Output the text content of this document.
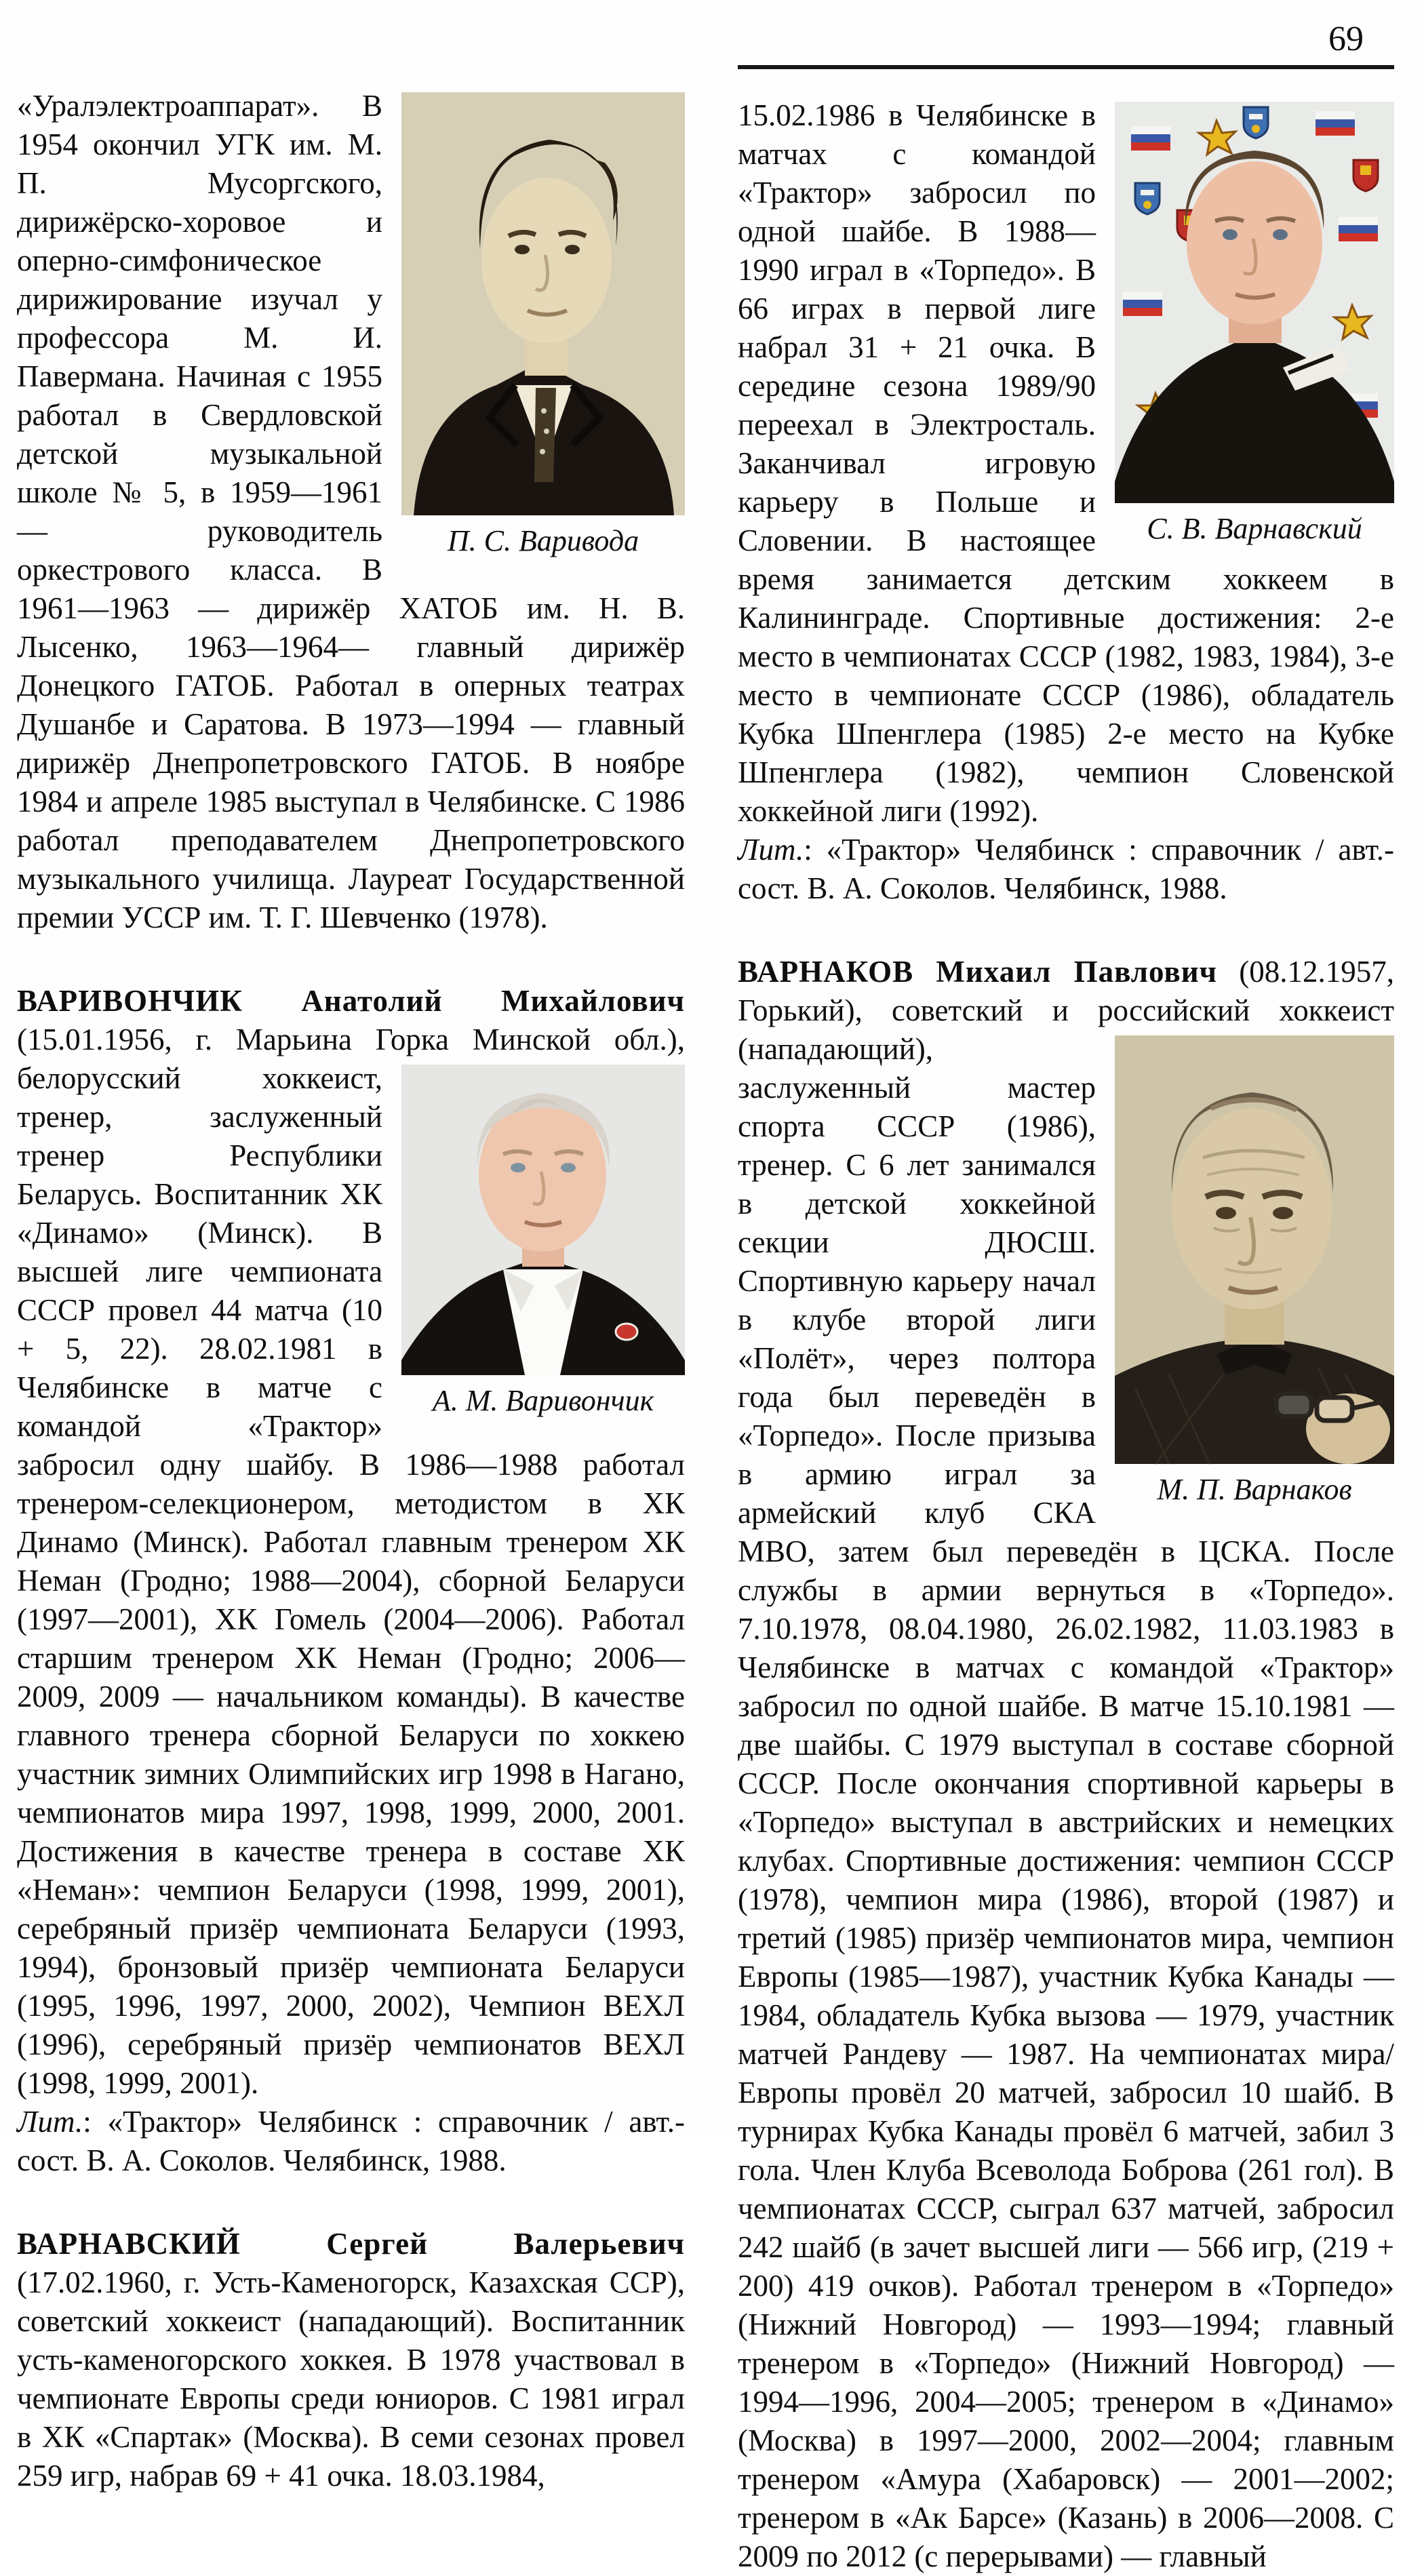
П. С. Варивода
«Уралэлектроаппарат». В 1954 окончил УГК им. М. П. Мусоргского, дирижёрско-хоровое и оперно-симфоническое дирижирование изучал у профессора М. И. Павермана. Начиная с 1955 работал в Свердловской детской музыкальной школе № 5, в 1959—1961 — руководитель оркестрового класса. В 1961—1963 — дирижёр ХАТОБ им. Н. В. Лысенко, 1963—1964— главный дирижёр Донецкого ГАТОБ. Работал в оперных театрах Душанбе и Саратова. В 1973—1994 — главный дирижёр Днепропетровского ГАТОБ. В ноябре 1984 и апреле 1985 выступал в Челябинске. С 1986 работал преподавателем Днепропетровского музыкального училища. Лауреат Государственной премии УССР им. Т. Г. Шевченко (1978).

ВАРИВОНЧИК Анатолий Михайлович (15.01.1956, г. Марьина Горка Минской обл.),
А. М. Варивончик
белорусский хоккеист, тренер, заслуженный тренер Республики Беларусь. Воспитанник ХК «Динамо» (Минск). В высшей лиге чемпионата СССР провел 44 матча (10 + 5, 22). 28.02.1981 в Челябинске в матче с командой «Трактор» забросил одну шайбу. В 1986—1988 работал тренером-селекционером, методистом в ХК Динамо (Минск). Работал главным тренером ХК Неман (Гродно; 1988—2004), сборной Беларуси (1997—2001), ХК Гомель (2004—2006). Работал старшим тренером ХК Неман (Гродно; 2006—2009, 2009 — начальником команды). В качестве главного тренера сборной Беларуси по хоккею участник зимних Олимпийских игр 1998 в Нагано, чемпионатов мира 1997, 1998, 1999, 2000, 2001. Достижения в качестве тренера в составе ХК «Неман»: чемпион Беларуси (1998, 1999, 2001), серебряный призёр чемпионата Беларуси (1993, 1994), бронзовый призёр чемпионата Беларуси (1995, 1996, 1997, 2000, 2002), Чемпион ВЕХЛ (1996), серебряный призёр чемпионатов ВЕХЛ (1998, 1999, 2001).

Лит.: «Трактор» Челябинск : справочник / авт.-сост. В. А. Соколов. Челябинск, 1988.

ВАРНАВСКИЙ Сергей Валерьевич (17.02.1960, г. Усть-Каменогорск, Казахская ССР), советский хоккеист (нападающий). Воспитанник усть-каменогорского хоккея. В 1978 участвовал в чемпионате Европы среди юниоров. С 1981 играл в ХК «Спартак» (Москва). В семи сезонах провел 259 игр, набрав 69 + 41 очка. 18.03.1984,

69

С. В. Варнавский
15.02.1986 в Челябинске в матчах с командой «Трактор» забросил по одной шайбе. В 1988—1990 играл в «Торпедо». В 66 играх в первой лиге набрал 31 + 21 очка. В середине сезона 1989/90 переехал в Электросталь. Заканчивал игровую карьеру в Польше и Словении. В настоящее время занимается детским хоккеем в Калининграде. Спортивные достижения: 2-е место в чемпионатах СССР (1982, 1983, 1984), 3-е место в чемпионате СССР (1986), обладатель Кубка Шпенглера (1985) 2-е место на Кубке Шпенглера (1982), чемпион Словенской хоккейной лиги (1992).

Лит.: «Трактор» Челябинск : справочник / авт.-сост. В. А. Соколов. Челябинск, 1988.

ВАРНАКОВ Михаил Павлович (08.12.1957, Горький), советский и российский хоккеист (нападающий),
М. П. Варнаков
заслуженный мастер спорта СССР (1986), тренер. С 6 лет занимался в детской хоккейной секции ДЮСШ. Спортивную карьеру начал в клубе второй лиги «Полёт», через полтора года был переведён в «Торпедо». После призыва в армию играл за армейский клуб СКА МВО, затем был переведён в ЦСКА. После службы в армии вернуться в «Торпедо». 7.10.1978, 08.04.1980, 26.02.1982, 11.03.1983 в Челябинске в матчах с командой «Трактор» забросил по одной шайбе. В матче 15.10.1981 — две шайбы. С 1979 выступал в составе сборной СССР. После окончания спортивной карьеры в «Торпедо» выступал в австрийских и немецких клубах. Спортивные достижения: чемпион СССР (1978), чемпион мира (1986), второй (1987) и третий (1985) призёр чемпионатов мира, чемпион Европы (1985—1987), участник Кубка Канады — 1984, обладатель Кубка вызова — 1979, участник матчей Рандеву — 1987. На чемпионатах мира/Европы провёл 20 матчей, забросил 10 шайб. В турнирах Кубка Канады провёл 6 матчей, забил 3 гола. Член Клуба Всеволода Боброва (261 гол). В чемпионатах СССР, сыграл 637 матчей, забросил 242 шайб (в зачет высшей лиги — 566 игр, (219 + 200) 419 очков). Работал тренером в «Торпедо» (Нижний Новгород) — 1993—1994; главный тренером в «Торпедо» (Нижний Новгород) — 1994—1996, 2004—2005; тренером в «Динамо» (Москва) в 1997—2000, 2002—2004; главным тренером «Амура (Хабаровск) — 2001—2002; тренером в «Ак Барсе» (Казань) в 2006—2008. С 2009 по 2012 (с перерывами) — главный
